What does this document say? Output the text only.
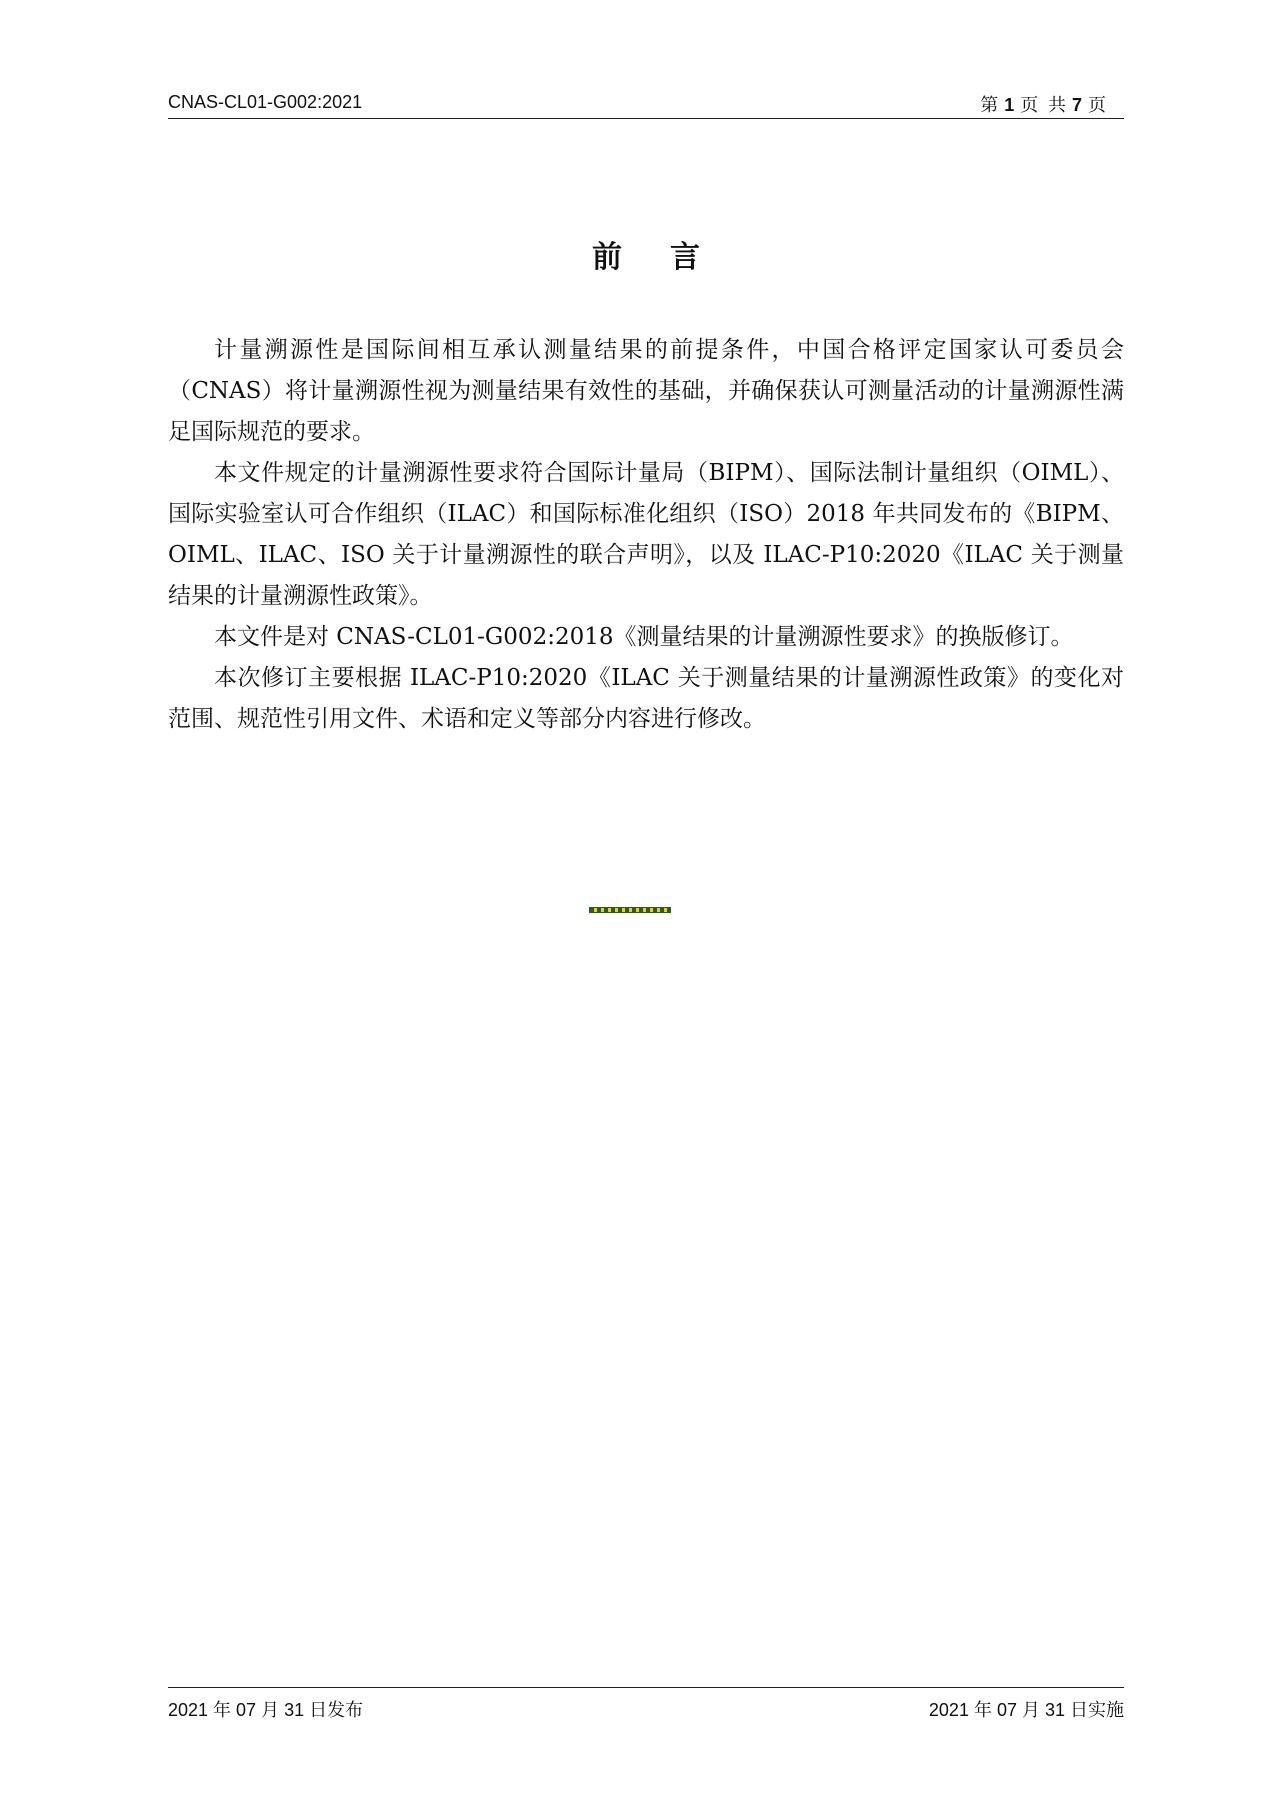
CNAS-CL01-G002:2021	第 1 页 共 7 页
前言

计量溯源性是国际间相互承认测量结果的前提条件，中国合格评定国家认可委员会（CNAS）将计量溯源性视为测量结果有效性的基础，并确保获认可测量活动的计量溯源性满足国际规范的要求。

本文件规定的计量溯源性要求符合国际计量局（BIPM）、国际法制计量组织（OIML）、国际实验室认可合作组织（ILAC）和国际标准化组织（ISO）2018 年共同发布的《BIPM、OIML、ILAC、ISO 关于计量溯源性的联合声明》，以及 ILAC-P10:2020《ILAC 关于测量结果的计量溯源性政策》。

本文件是对 CNAS-CL01-G002:2018《测量结果的计量溯源性要求》的换版修订。

本次修订主要根据 ILAC-P10:2020《ILAC 关于测量结果的计量溯源性政策》的变化对范围、规范性引用文件、术语和定义等部分内容进行修改。

2021 年 07 月 31 日发布	2021 年 07 月 31 日实施
